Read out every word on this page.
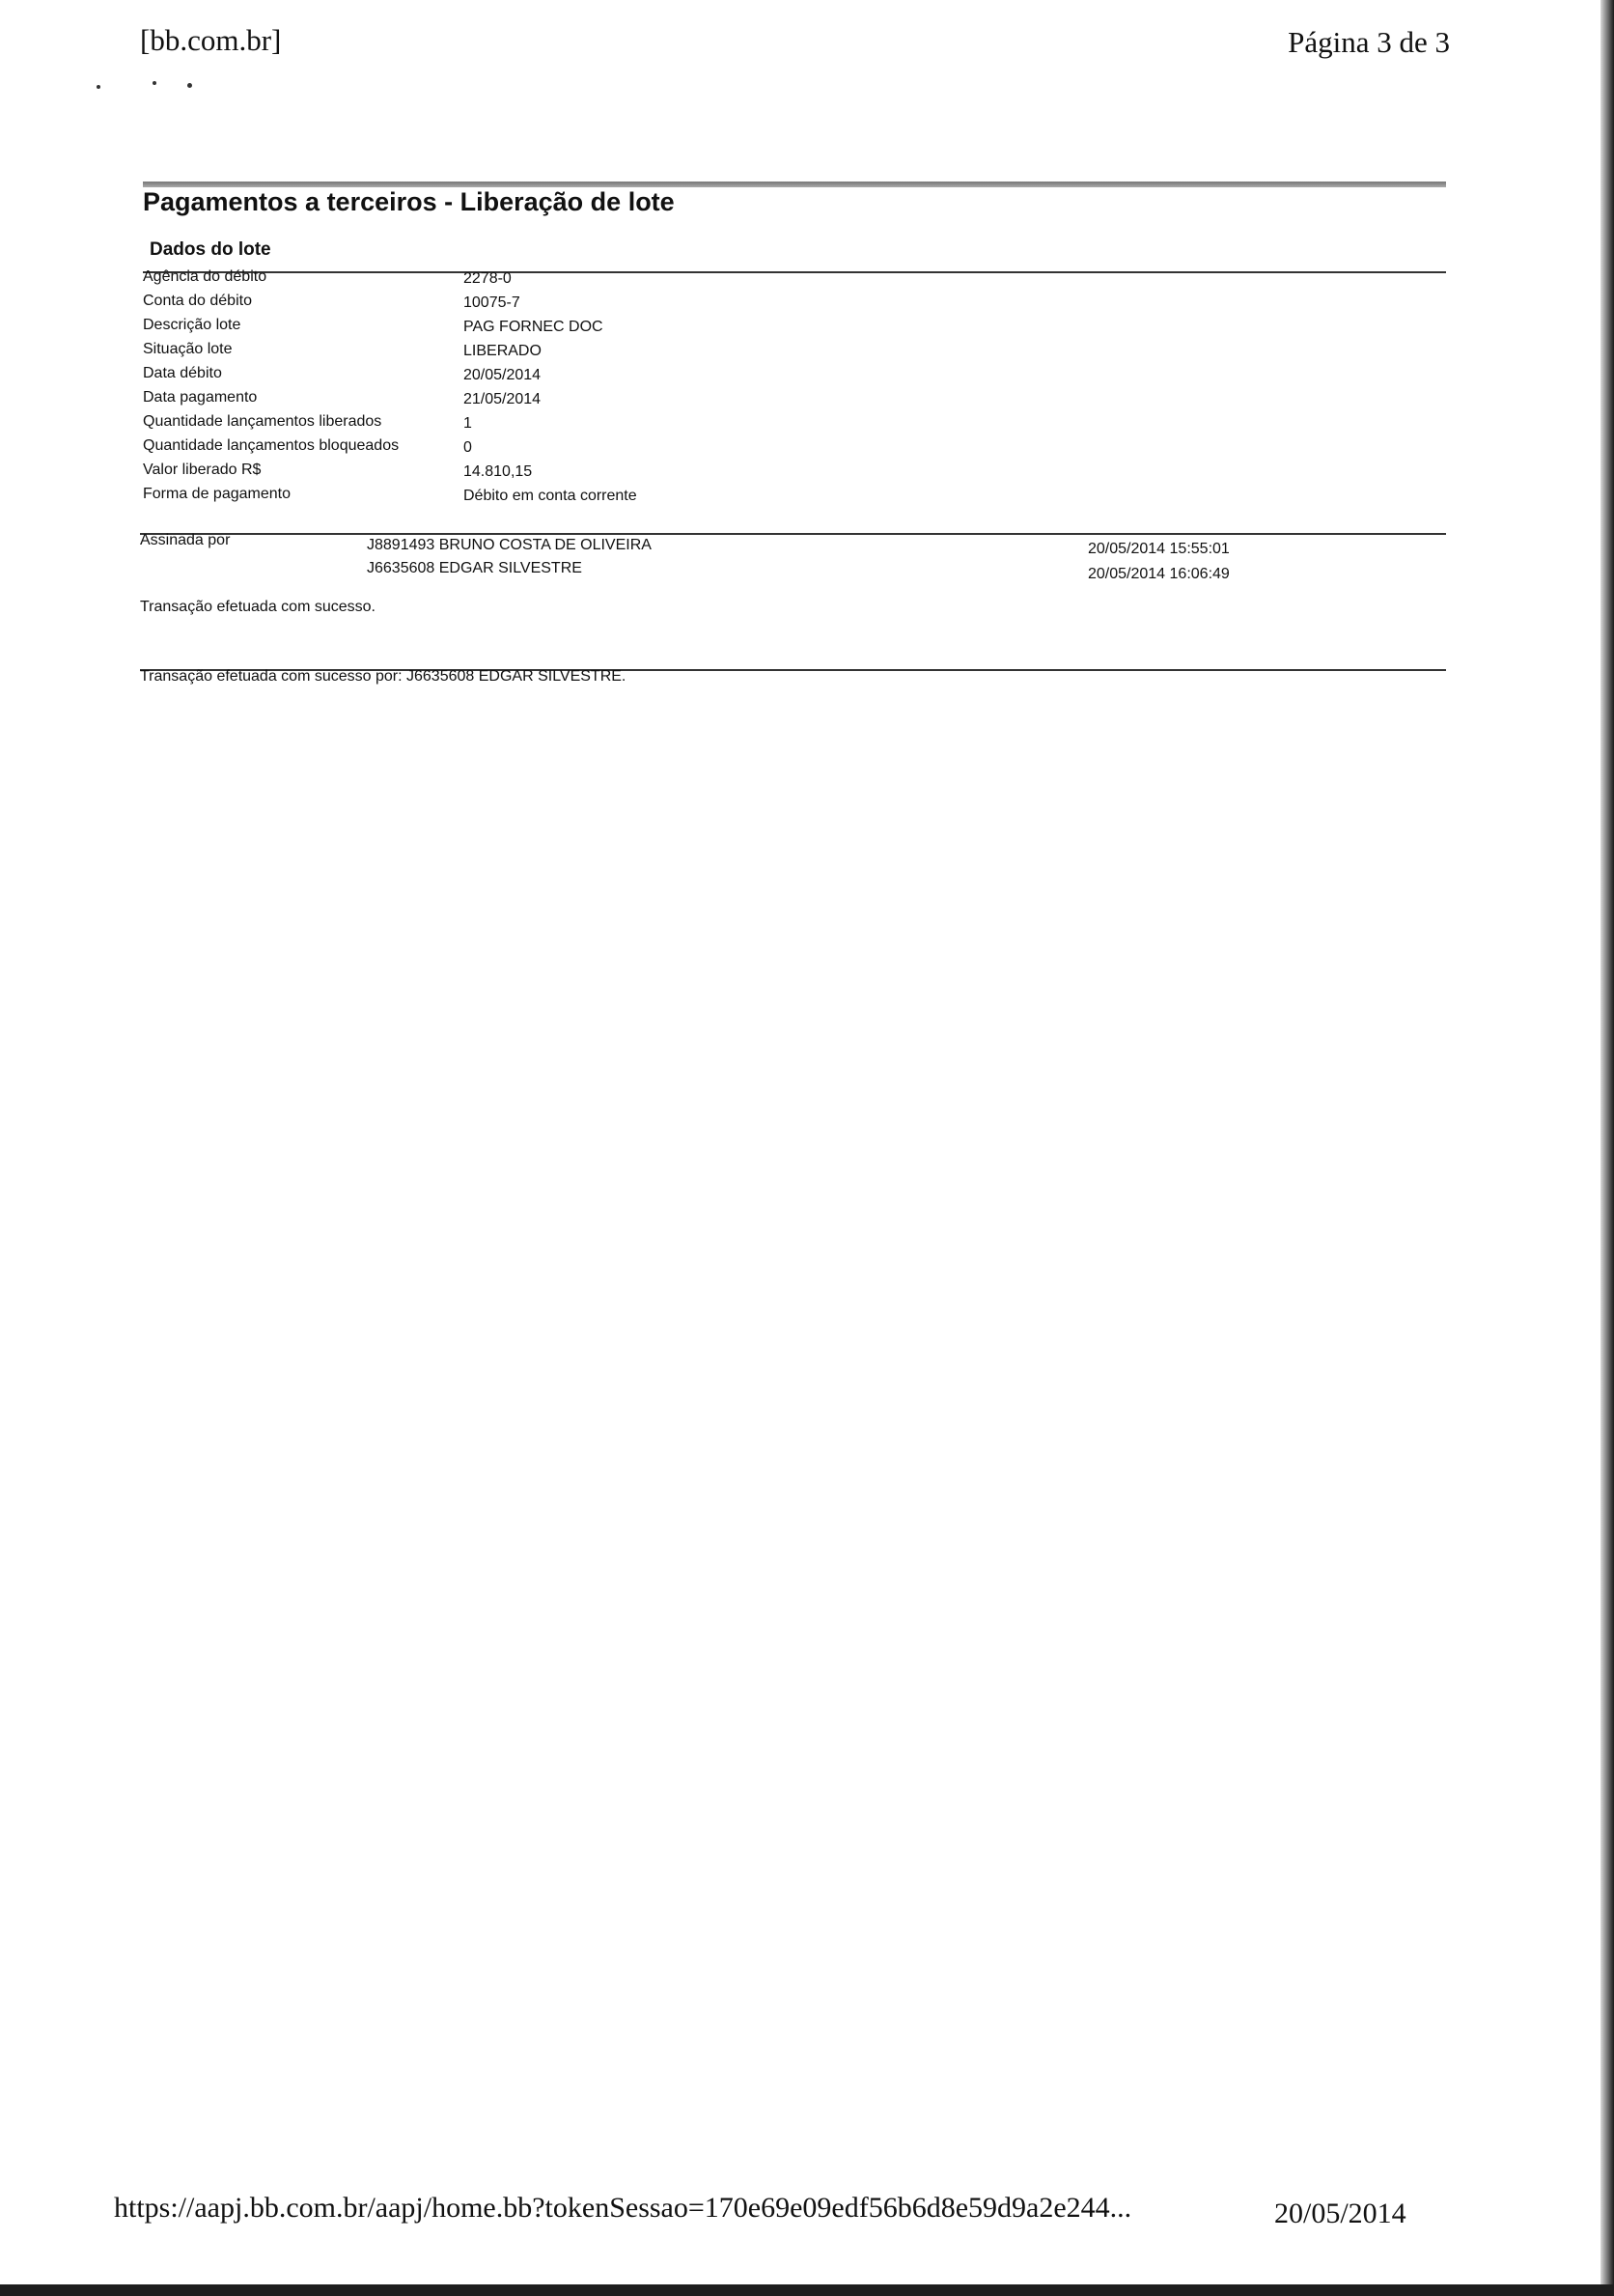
[bb.com.br]	Página 3 de 3
Pagamentos a terceiros - Liberação de lote
Dados do lote
Agência do débito	2278-0
Conta do débito	10075-7
Descrição lote	PAG FORNEC DOC
Situação lote	LIBERADO
Data débito	20/05/2014
Data pagamento	21/05/2014
Quantidade lançamentos liberados	1
Quantidade lançamentos bloqueados	0
Valor liberado R$	14.810,15
Forma de pagamento	Débito em conta corrente
Assinada por	J8891493 BRUNO COSTA DE OLIVEIRA	20/05/2014 15:55:01
J6635608 EDGAR SILVESTRE	20/05/2014 16:06:49
Transação efetuada com sucesso.
Transação efetuada com sucesso por: J6635608 EDGAR SILVESTRE.
https://aapj.bb.com.br/aapj/home.bb?tokenSessao=170e69e09edf56b6d8e59d9a2e244...	20/05/2014
